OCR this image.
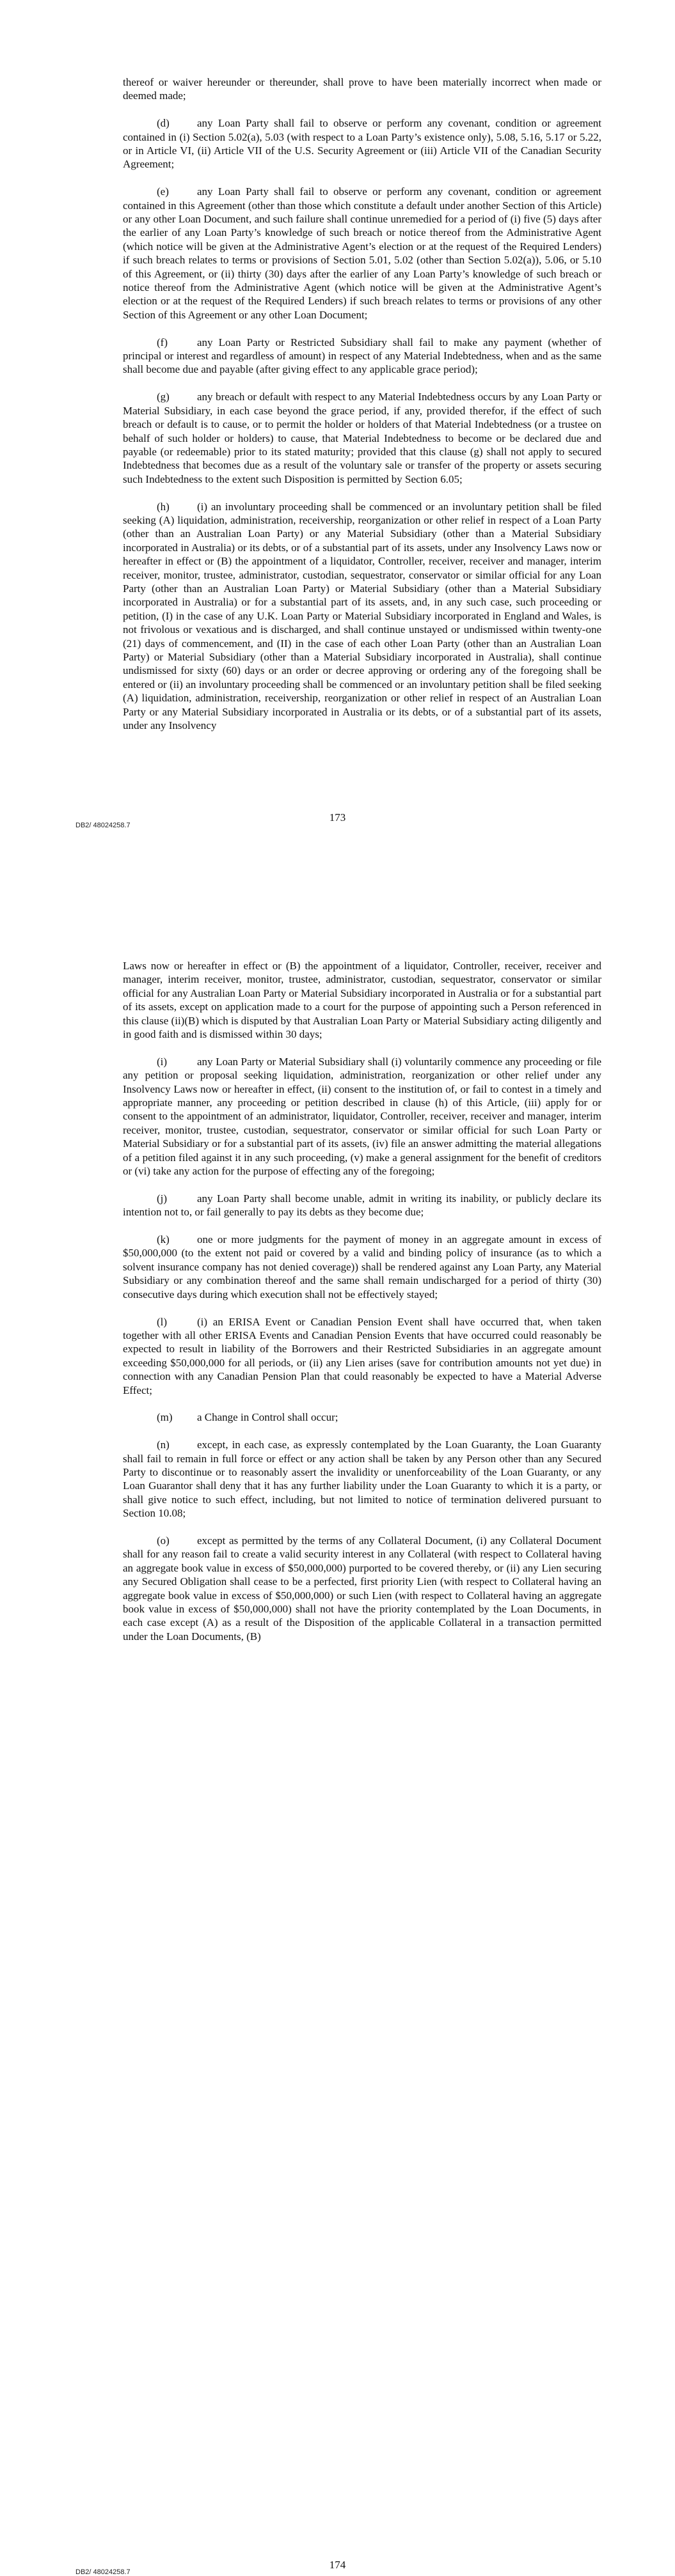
thereof or waiver hereunder or thereunder, shall prove to have been materially incorrect when made or deemed made;

(d)	any Loan Party shall fail to observe or perform any covenant, condition or agreement contained in (i) Section 5.02(a), 5.03 (with respect to a Loan Party’s existence only), 5.08, 5.16, 5.17 or 5.22, or in Article VI, (ii) Article VII of the U.S. Security Agreement or (iii) Article VII of the Canadian Security Agreement;

(e)	any Loan Party shall fail to observe or perform any covenant, condition or agreement contained in this Agreement (other than those which constitute a default under another Section of this Article) or any other Loan Document, and such failure shall continue unremedied for a period of (i) five (5) days after the earlier of any Loan Party’s knowledge of such breach or notice thereof from the Administrative Agent (which notice will be given at the Administrative Agent’s election or at the request of the Required Lenders) if such breach relates to terms or provisions of Section 5.01, 5.02 (other than Section 5.02(a)), 5.06, or 5.10 of this Agreement, or (ii) thirty (30) days after the earlier of any Loan Party’s knowledge of such breach or notice thereof from the Administrative Agent (which notice will be given at the Administrative Agent’s election or at the request of the Required Lenders) if such breach relates to terms or provisions of any other Section of this Agreement or any other Loan Document;

(f)	any Loan Party or Restricted Subsidiary shall fail to make any payment (whether of principal or interest and regardless of amount) in respect of any Material Indebtedness, when and as the same shall become due and payable (after giving effect to any applicable grace period);

(g)	any breach or default with respect to any Material Indebtedness occurs by any Loan Party or Material Subsidiary, in each case beyond the grace period, if any, provided therefor, if the effect of such breach or default is to cause, or to permit the holder or holders of that Material Indebtedness (or a trustee on behalf of such holder or holders) to cause, that Material Indebtedness to become or be declared due and payable (or redeemable) prior to its stated maturity; provided that this clause (g) shall not apply to secured Indebtedness that becomes due as a result of the voluntary sale or transfer of the property or assets securing such Indebtedness to the extent such Disposition is permitted by Section 6.05;

(h)	(i) an involuntary proceeding shall be commenced or an involuntary petition shall be filed seeking (A) liquidation, administration, receivership, reorganization or other relief in respect of a Loan Party (other than an Australian Loan Party) or any Material Subsidiary (other than a Material Subsidiary incorporated in Australia) or its debts, or of a substantial part of its assets, under any Insolvency Laws now or hereafter in effect or (B) the appointment of a liquidator, Controller, receiver, receiver and manager, interim receiver, monitor, trustee, administrator, custodian, sequestrator, conservator or similar official for any Loan Party (other than an Australian Loan Party) or Material Subsidiary (other than a Material Subsidiary incorporated in Australia) or for a substantial part of its assets, and, in any such case, such proceeding or petition, (I) in the case of any U.K. Loan Party or Material Subsidiary incorporated in England and Wales, is not frivolous or vexatious and is discharged, and shall continue unstayed or undismissed within twenty-one (21) days of commencement, and (II) in the case of each other Loan Party (other than an Australian Loan Party) or Material Subsidiary (other than a Material Subsidiary incorporated in Australia), shall continue undismissed for sixty (60) days or an order or decree approving or ordering any of the foregoing shall be entered or (ii) an involuntary proceeding shall be commenced or an involuntary petition shall be filed seeking (A) liquidation, administration, receivership, reorganization or other relief in respect of an Australian Loan Party or any Material Subsidiary incorporated in Australia or its debts, or of a substantial part of its assets, under any Insolvency

173
DB2/ 48024258.7

Laws now or hereafter in effect or (B) the appointment of a liquidator, Controller, receiver, receiver and manager, interim receiver, monitor, trustee, administrator, custodian, sequestrator, conservator or similar official for any Australian Loan Party or Material Subsidiary incorporated in Australia or for a substantial part of its assets, except on application made to a court for the purpose of appointing such a Person referenced in this clause (ii)(B) which is disputed by that Australian Loan Party or Material Subsidiary acting diligently and in good faith and is dismissed within 30 days;

(i)	any Loan Party or Material Subsidiary shall (i) voluntarily commence any proceeding or file any petition or proposal seeking liquidation, administration, reorganization or other relief under any Insolvency Laws now or hereafter in effect, (ii) consent to the institution of, or fail to contest in a timely and appropriate manner, any proceeding or petition described in clause (h) of this Article, (iii) apply for or consent to the appointment of an administrator, liquidator, Controller, receiver, receiver and manager, interim receiver, monitor, trustee, custodian, sequestrator, conservator or similar official for such Loan Party or Material Subsidiary or for a substantial part of its assets, (iv) file an answer admitting the material allegations of a petition filed against it in any such proceeding, (v) make a general assignment for the benefit of creditors or (vi) take any action for the purpose of effecting any of the foregoing;

(j)	any Loan Party shall become unable, admit in writing its inability, or publicly declare its intention not to, or fail generally to pay its debts as they become due;

(k)	one or more judgments for the payment of money in an aggregate amount in excess of $50,000,000 (to the extent not paid or covered by a valid and binding policy of insurance (as to which a solvent insurance company has not denied coverage)) shall be rendered against any Loan Party, any Material Subsidiary or any combination thereof and the same shall remain undischarged for a period of thirty (30) consecutive days during which execution shall not be effectively stayed;

(l)	(i) an ERISA Event or Canadian Pension Event shall have occurred that, when taken together with all other ERISA Events and Canadian Pension Events that have occurred could reasonably be expected to result in liability of the Borrowers and their Restricted Subsidiaries in an aggregate amount exceeding $50,000,000 for all periods, or (ii) any Lien arises (save for contribution amounts not yet due) in connection with any Canadian Pension Plan that could reasonably be expected to have a Material Adverse Effect;

(m) a Change in Control shall occur;

(n)	except, in each case, as expressly contemplated by the Loan Guaranty, the Loan Guaranty shall fail to remain in full force or effect or any action shall be taken by any Person other than any Secured Party to discontinue or to reasonably assert the invalidity or unenforceability of the Loan Guaranty, or any Loan Guarantor shall deny that it has any further liability under the Loan Guaranty to which it is a party, or shall give notice to such effect, including, but not limited to notice of termination delivered pursuant to Section 10.08;

(o)	except as permitted by the terms of any Collateral Document, (i) any Collateral Document shall for any reason fail to create a valid security interest in any Collateral (with respect to Collateral having an aggregate book value in excess of $50,000,000) purported to be covered thereby, or (ii) any Lien securing any Secured Obligation shall cease to be a perfected, first priority Lien (with respect to Collateral having an aggregate book value in excess of $50,000,000) or such Lien (with respect to Collateral having an aggregate book value in excess of $50,000,000) shall not have the priority contemplated by the Loan Documents, in each case except (A) as a result of the Disposition of the applicable Collateral in a transaction permitted under the Loan Documents, (B)

174
DB2/ 48024258.7
